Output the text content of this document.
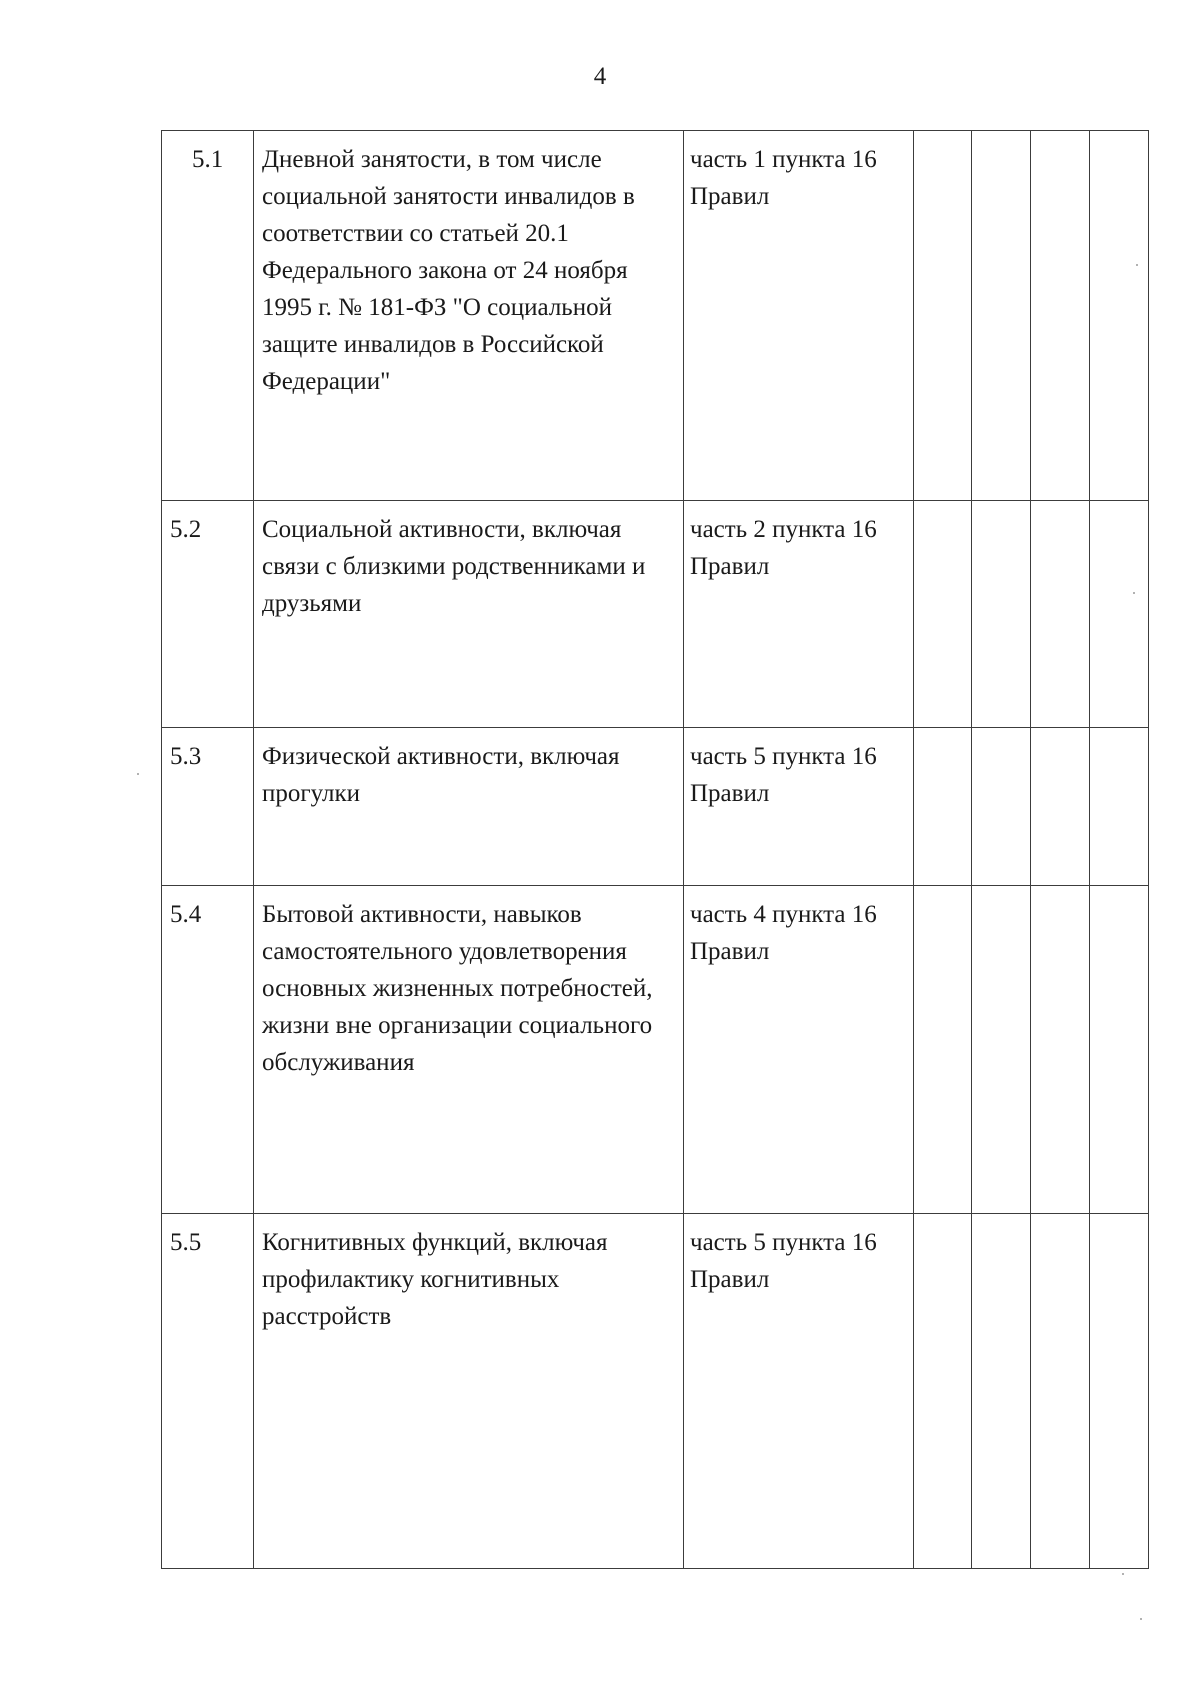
4
5.1	Дневной занятости, в том числе социальной занятости инвалидов в соответствии со статьей 20.1 Федерального закона от 24 ноября 1995 г. № 181-ФЗ "О социальной защите инвалидов в Российской Федерации"	часть 1 пункта 16
Правил				

5.2	Социальной активности, включая связи с близкими родственниками и друзьями	часть 2 пункта 16
Правил				

5.3	Физической активности, включая прогулки	часть 5 пункта 16
Правил				

5.4	Бытовой активности, навыков самостоятельного удовлетворения основных жизненных потребностей, жизни вне организации социального обслуживания	часть 4 пункта 16
Правил				

5.5	Когнитивных функций, включая профилактику когнитивных расстройств	часть 5 пункта 16
Правил				
